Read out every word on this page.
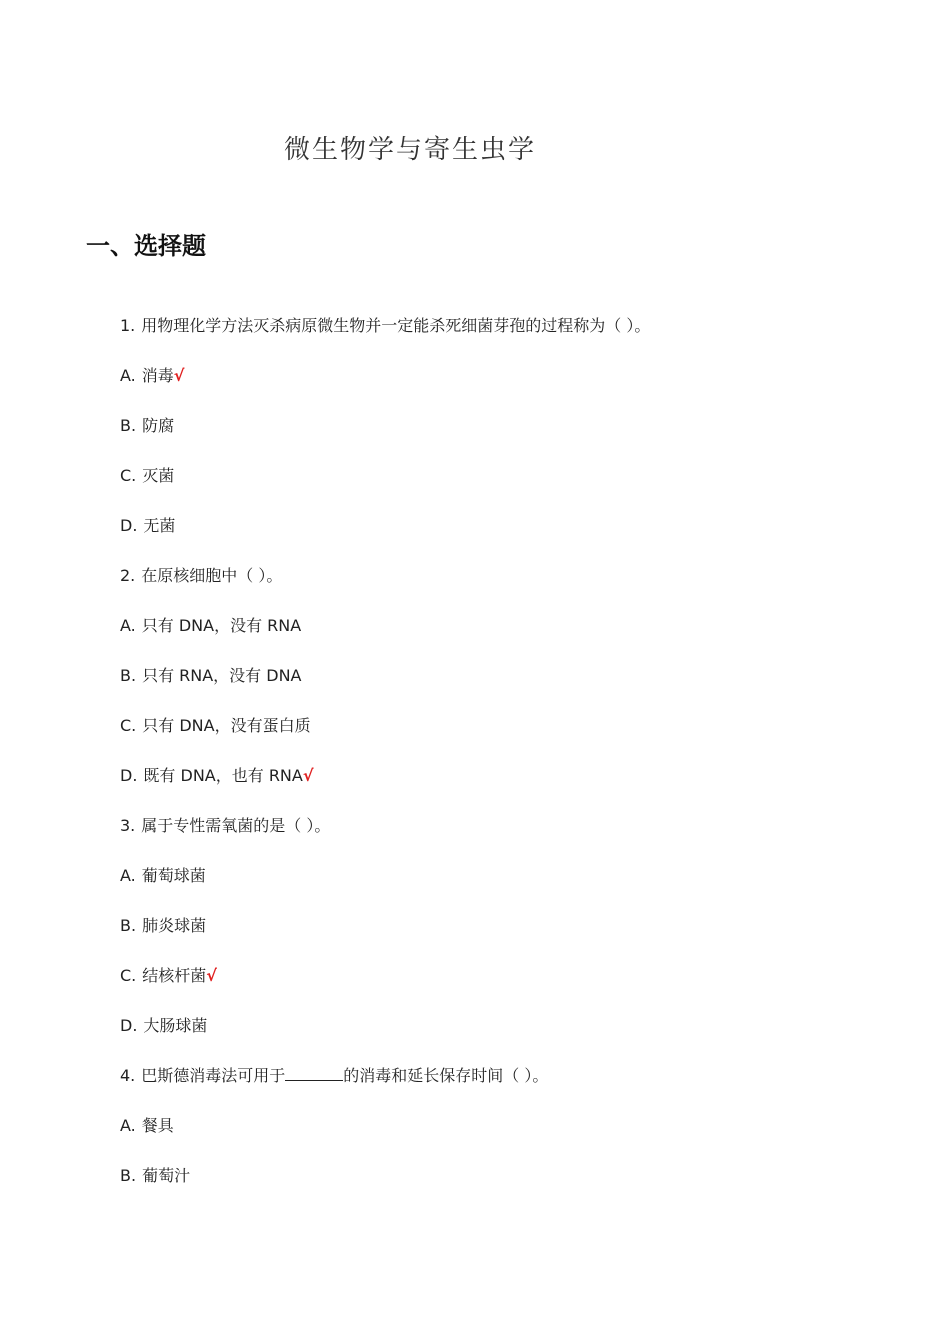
微生物学与寄生虫学
一、选择题
1. 用物理化学方法灭杀病原微生物并一定能杀死细菌芽孢的过程称为（ ）。
A. 消毒√
B. 防腐
C. 灭菌
D. 无菌
2. 在原核细胞中（ ）。
A. 只有 DNA，没有 RNA
B. 只有 RNA，没有 DNA
C. 只有 DNA，没有蛋白质
D. 既有 DNA，也有 RNA√
3. 属于专性需氧菌的是（ ）。
A. 葡萄球菌
B. 肺炎球菌
C. 结核杆菌√
D. 大肠球菌
4. 巴斯德消毒法可用于	的消毒和延长保存时间（ ）。
A. 餐具
B. 葡萄汁
